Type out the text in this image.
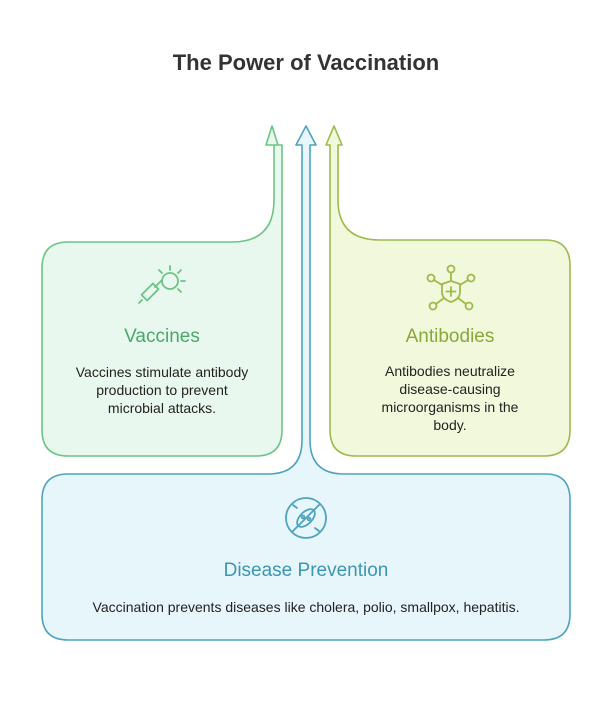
The Power of Vaccination
Vaccines
Vaccines stimulate antibody production to prevent microbial attacks.
Antibodies
Antibodies neutralize disease-causing microorganisms in the body.
Disease Prevention
Vaccination prevents diseases like cholera, polio, smallpox, hepatitis.
